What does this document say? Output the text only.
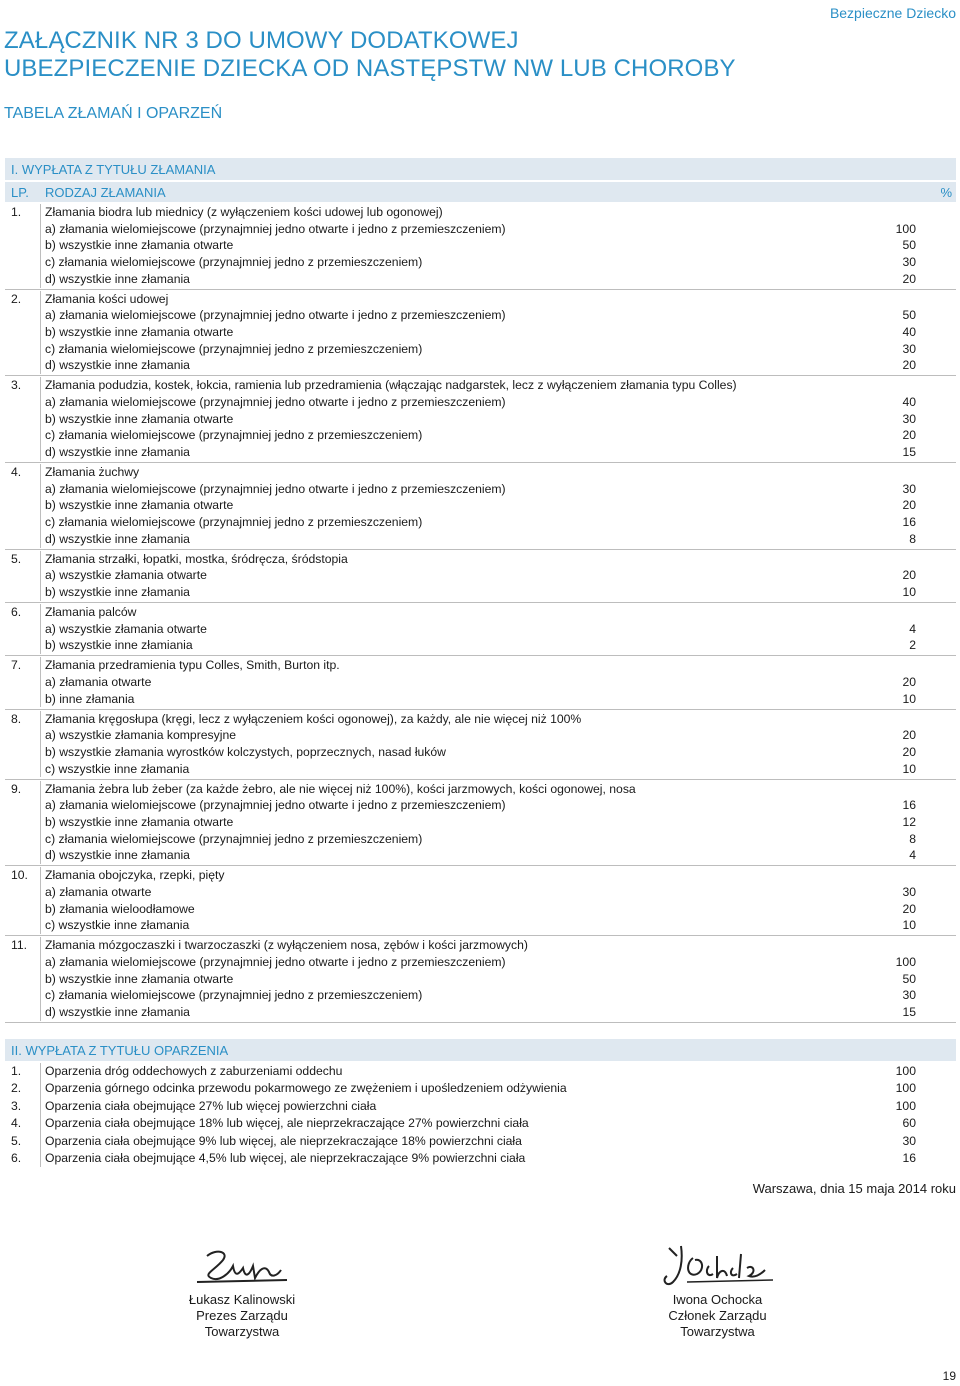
Bezpieczne Dziecko
ZAŁĄCZNIK NR 3 DO UMOWY DODATKOWEJ
UBEZPIECZENIE DZIECKA OD NASTĘPSTW NW LUB CHOROBY
TABELA ZŁAMAŃ I OPARZEŃ
I. WYPŁATA Z TYTUŁU ZŁAMANIA
LP. RODZAJ ZŁAMANIA	%
1. Złamania biodra lub miednicy (z wyłączeniem kości udowej lub ogonowej)
a) złamania wielomiejscowe (przynajmniej jedno otwarte i jedno z przemieszczeniem)	100
b) wszystkie inne złamania otwarte	50
c) złamania wielomiejscowe (przynajmniej jedno z przemieszczeniem)	30
d) wszystkie inne złamania	20
2. Złamania kości udowej
a) złamania wielomiejscowe (przynajmniej jedno otwarte i jedno z przemieszczeniem)	50
b) wszystkie inne złamania otwarte	40
c) złamania wielomiejscowe (przynajmniej jedno z przemieszczeniem)	30
d) wszystkie inne złamania	20
3. Złamania podudzia, kostek, łokcia, ramienia lub przedramienia (włączając nadgarstek, lecz z wyłączeniem złamania typu Colles)
a) złamania wielomiejscowe (przynajmniej jedno otwarte i jedno z przemieszczeniem)	40
b) wszystkie inne złamania otwarte	30
c) złamania wielomiejscowe (przynajmniej jedno z przemieszczeniem)	20
d) wszystkie inne złamania	15
4. Złamania żuchwy
a) złamania wielomiejscowe (przynajmniej jedno otwarte i jedno z przemieszczeniem)	30
b) wszystkie inne złamania otwarte	20
c) złamania wielomiejscowe (przynajmniej jedno z przemieszczeniem)	16
d) wszystkie inne złamania	8
5. Złamania strzałki, łopatki, mostka, śródręcza, śródstopia
a) wszystkie złamania otwarte	20
b) wszystkie inne złamania	10
6. Złamania palców
a) wszystkie złamania otwarte	4
b) wszystkie inne złamiania	2
7. Złamania przedramienia typu Colles, Smith, Burton itp.
a) złamania otwarte	20
b) inne złamania	10
8. Złamania kręgosłupa (kręgi, lecz z wyłączeniem kości ogonowej), za każdy, ale nie więcej niż 100%
a) wszystkie złamania kompresyjne	20
b) wszystkie złamania wyrostków kolczystych, poprzecznych, nasad łuków	20
c) wszystkie inne złamania	10
9. Złamania żebra lub żeber (za każde żebro, ale nie więcej niż 100%), kości jarzmowych, kości ogonowej, nosa
a) złamania wielomiejscowe (przynajmniej jedno otwarte i jedno z przemieszczeniem)	16
b) wszystkie inne złamania otwarte	12
c) złamania wielomiejscowe (przynajmniej jedno z przemieszczeniem)	8
d) wszystkie inne złamania	4
10. Złamania obojczyka, rzepki, pięty
a) złamania otwarte	30
b) złamania wieloodłamowe	20
c) wszystkie inne złamania	10
11. Złamania mózgoczaszki i twarzoczaszki (z wyłączeniem nosa, zębów i kości jarzmowych)
a) złamania wielomiejscowe (przynajmniej jedno otwarte i jedno z przemieszczeniem)	100
b) wszystkie inne złamania otwarte	50
c) złamania wielomiejscowe (przynajmniej jedno z przemieszczeniem)	30
d) wszystkie inne złamania	15
II. WYPŁATA Z TYTUŁU OPARZENIA
1. Oparzenia dróg oddechowych z zaburzeniami oddechu	100
2. Oparzenia górnego odcinka przewodu pokarmowego ze zwężeniem i upośledzeniem odżywienia	100
3. Oparzenia ciała obejmujące 27% lub więcej powierzchni ciała	100
4. Oparzenia ciała obejmujące 18% lub więcej, ale nieprzekraczające 27% powierzchni ciała	60
5. Oparzenia ciała obejmujące 9% lub więcej, ale nieprzekraczające 18% powierzchni ciała	30
6. Oparzenia ciała obejmujące 4,5% lub więcej, ale nieprzekraczające 9% powierzchni ciała	16
Warszawa, dnia 15 maja 2014 roku
Łukasz Kalinowski
Prezes Zarządu Towarzystwa
Iwona Ochocka
Członek Zarządu Towarzystwa
19
